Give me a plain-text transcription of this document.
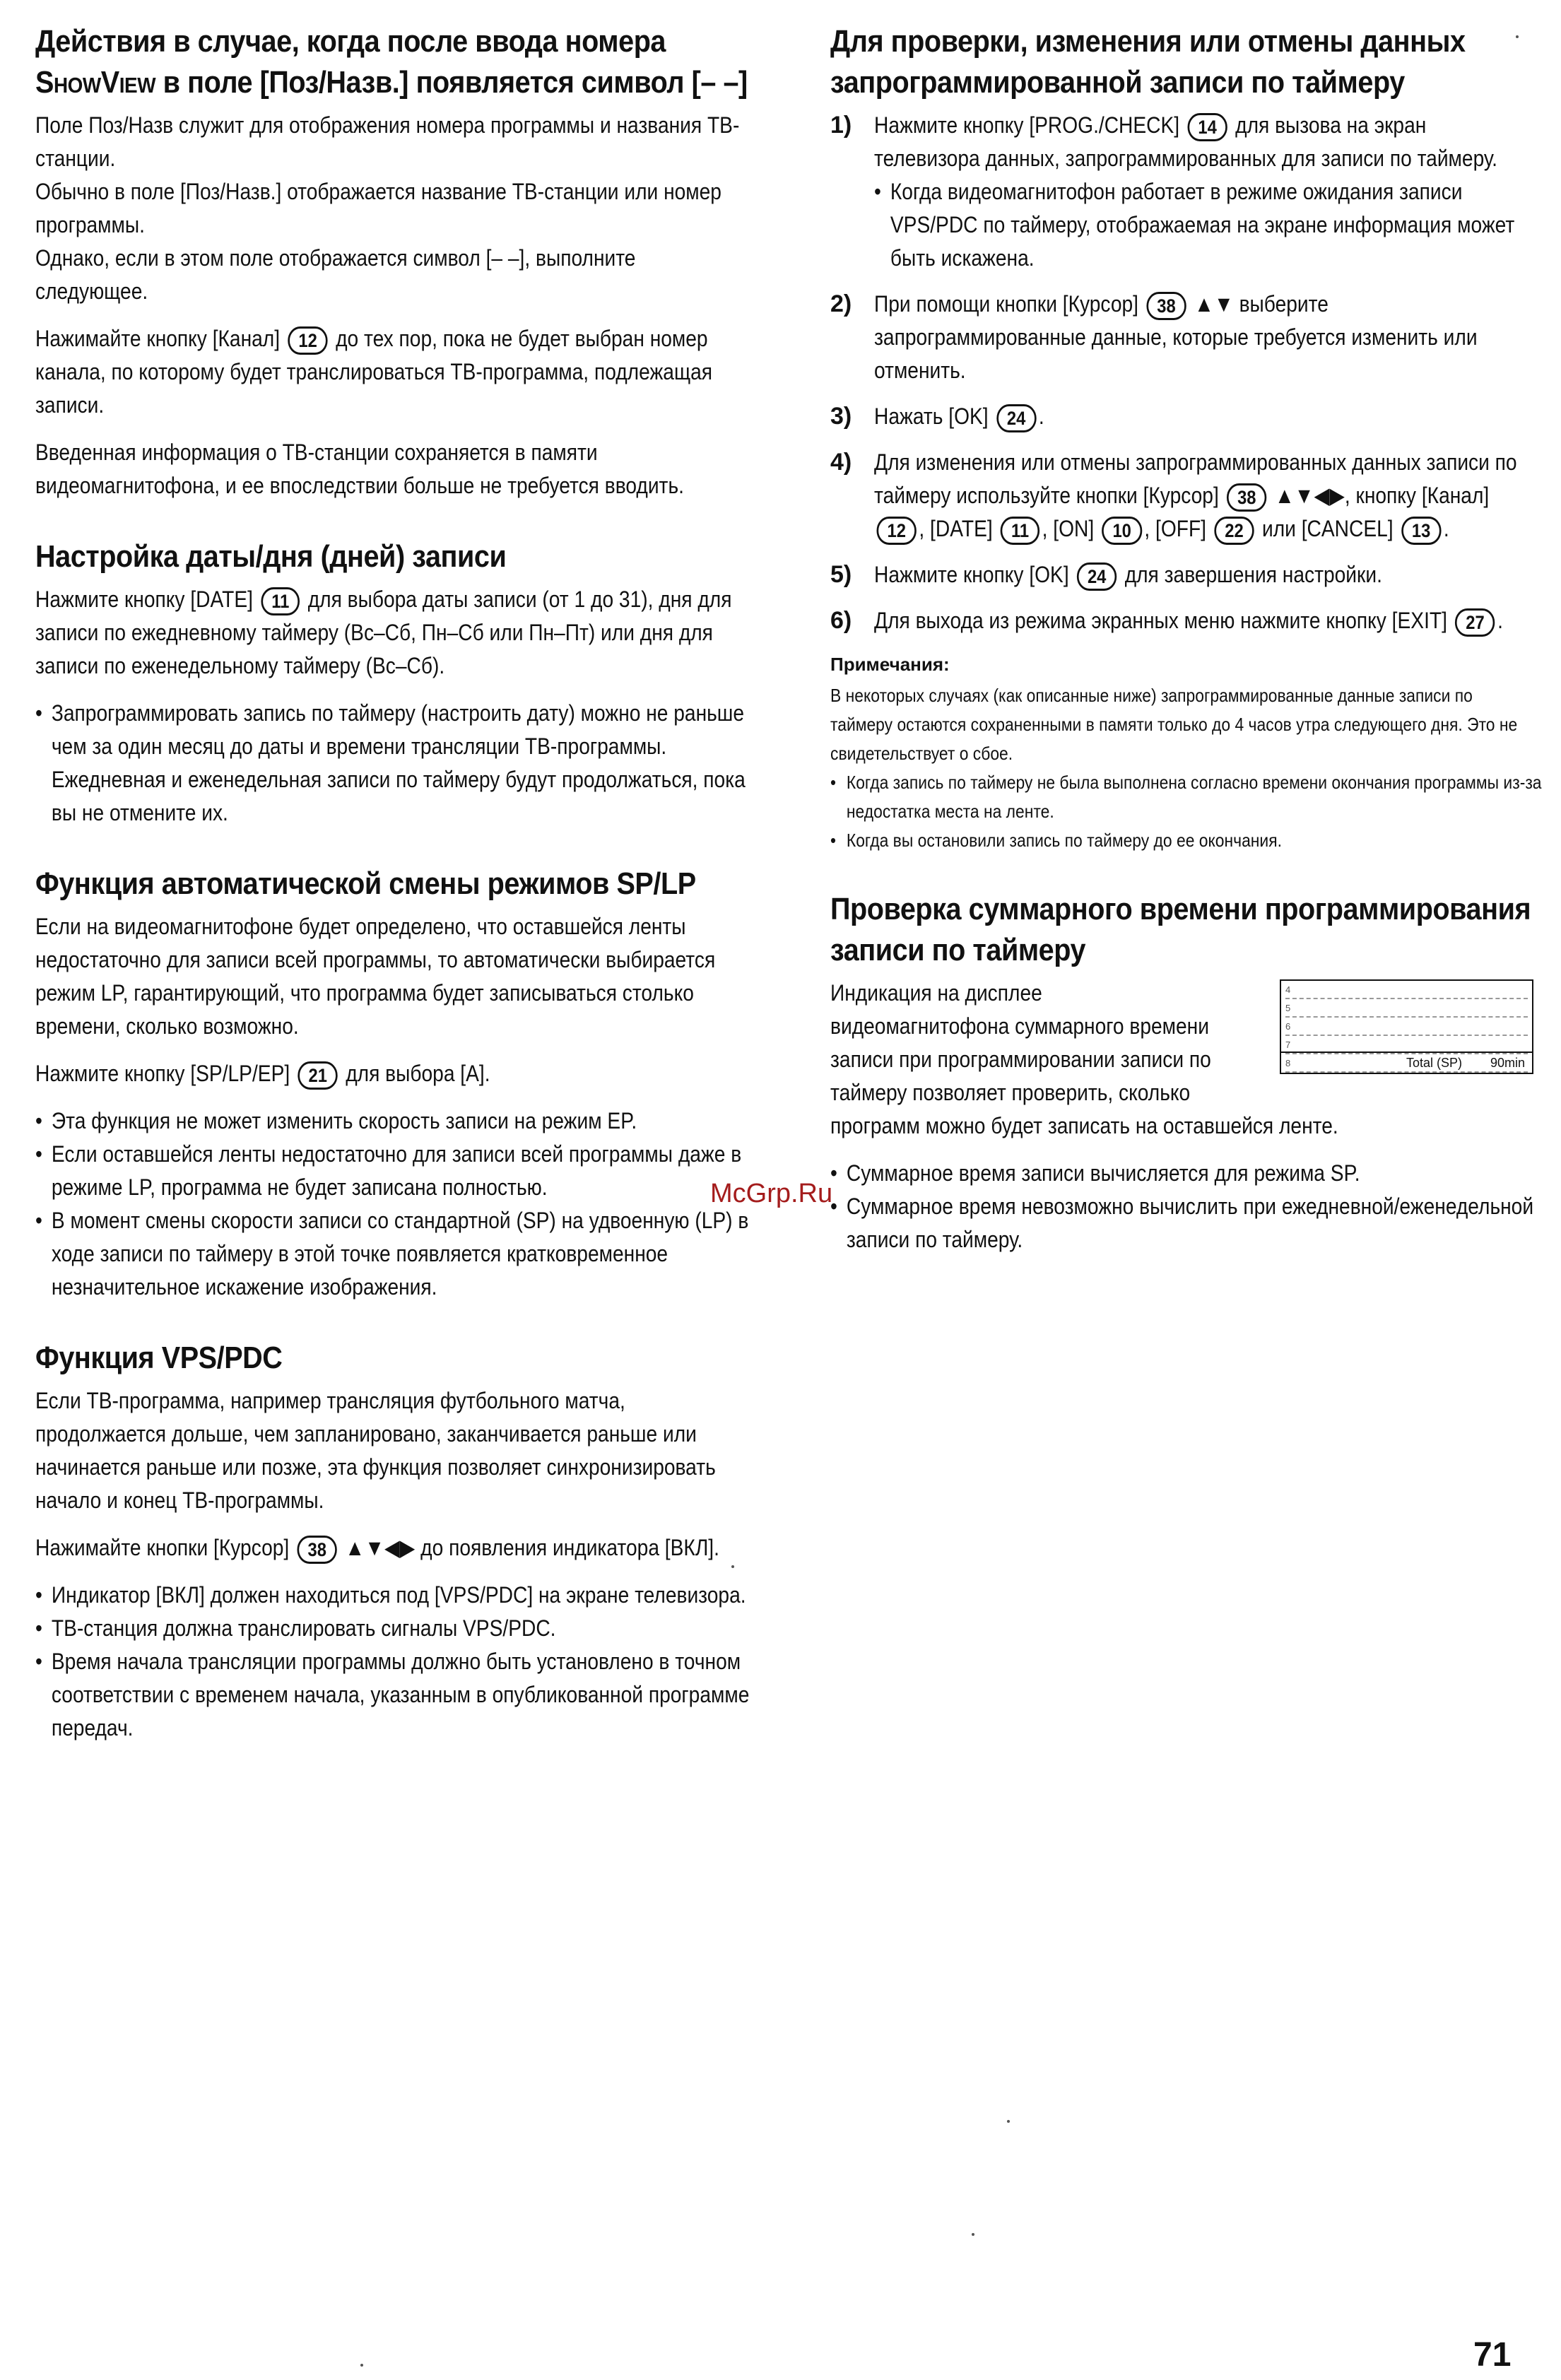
Действия в случае, когда после ввода номера
ShowView в поле [Поз/Назв.] появляется символ [– –]

Поле Поз/Назв служит для отображения номера программы и названия ТВ-станции.

Обычно в поле [Поз/Назв.] отображается название ТВ-станции или номер программы.

Однако, если в этом поле отображается символ [– –], выполните следующее.

Нажимайте кнопку [Канал] 12 до тех пор, пока не будет выбран номер канала, по которому будет транслироваться ТВ-программа, подлежащая записи.

Введенная информация о ТВ-станции сохраняется в памяти видеомагнитофона, и ее впоследствии больше не требуется вводить.

Настройка даты/дня (дней) записи

Нажмите кнопку [DATE] 11 для выбора даты записи (от 1 до 31), дня для записи по ежедневному таймеру (Вс–Сб, Пн–Сб или Пн–Пт) или дня для записи по еженедельному таймеру (Вс–Сб).

• Запрограммировать запись по таймеру (настроить дату) можно не раньше чем за один месяц до даты и времени трансляции ТВ-программы. Ежедневная и еженедельная записи по таймеру будут продолжаться, пока вы не отмените их.
Функция автоматической смены режимов SP/LP

Если на видеомагнитофоне будет определено, что оставшейся ленты недостаточно для записи всей программы, то автоматически выбирается режим LP, гарантирующий, что программа будет записываться столько времени, сколько возможно.

Нажмите кнопку [SP/LP/EP] 21 для выбора [A].

• Эта функция не может изменить скорость записи на режим EP.
• Если оставшейся ленты недостаточно для записи всей программы даже в режиме LP, программа не будет записана полностью.
• В момент смены скорости записи со стандартной (SP) на удвоенную (LP) в ходе записи по таймеру в этой точке появляется кратковременное незначительное искажение изображения.
Функция VPS/PDC

Если ТВ-программа, например трансляция футбольного матча, продолжается дольше, чем запланировано, заканчивается раньше или начинается раньше или позже, эта функция позволяет синхронизировать начало и конец ТВ-программы.

Нажимайте кнопки [Курсор] 38 ▲▼◀▶ до появления индикатора [ВКЛ].

• Индикатор [ВКЛ] должен находиться под [VPS/PDC] на экране телевизора.
• ТВ-станция должна транслировать сигналы VPS/PDC.
• Время начала трансляции программы должно быть установлено в точном соответствии с временем начала, указанным в опубликованной программе передач.
Для проверки, изменения или отмены данных запрограммированной записи по таймеру
1) Нажмите кнопку [PROG./CHECK] 14 для вызова на экран телевизора данных, запрограммированных для записи по таймеру.
• Когда видеомагнитофон работает в режиме ожидания записи VPS/PDC по таймеру, отображаемая на экране информация может быть искажена.
2) При помощи кнопки [Курсор] 38 ▲▼ выберите запрограммированные данные, которые требуется изменить или отменить.
3) Нажать [OK] 24 .
4) Для изменения или отмены запрограммированных данных записи по таймеру используйте кнопки [Курсор] 38 ▲▼◀▶, кнопку [Канал] 12 , [DATE] 11 , [ON] 10 , [OFF] 22 или [CANCEL] 13 .
5) Нажмите кнопку [OK] 24 для завершения настройки.
6) Для выхода из режима экранных меню нажмите кнопку [EXIT] 27 .
Примечания:

В некоторых случаях (как описанные ниже) запрограммированные данные записи по таймеру остаются сохраненными в памяти только до 4 часов утра следующего дня. Это не свидетельствует о сбое.

• Когда запись по таймеру не была выполнена согласно времени окончания программы из-за недостатка места на ленте.
• Когда вы остановили запись по таймеру до ее окончания.
Проверка суммарного времени программирования записи по таймеру
4
5
6
7
8	Total (SP) 90min

Индикация на дисплее видеомагнитофона суммарного времени записи при программировании записи по таймеру позволяет проверить, сколько программ можно будет записать на оставшейся ленте.

• Суммарное время записи вычисляется для режима SP.
• Суммарное время невозможно вычислить при ежедневной/еженедельной записи по таймеру.
McGrp.Ru
71
